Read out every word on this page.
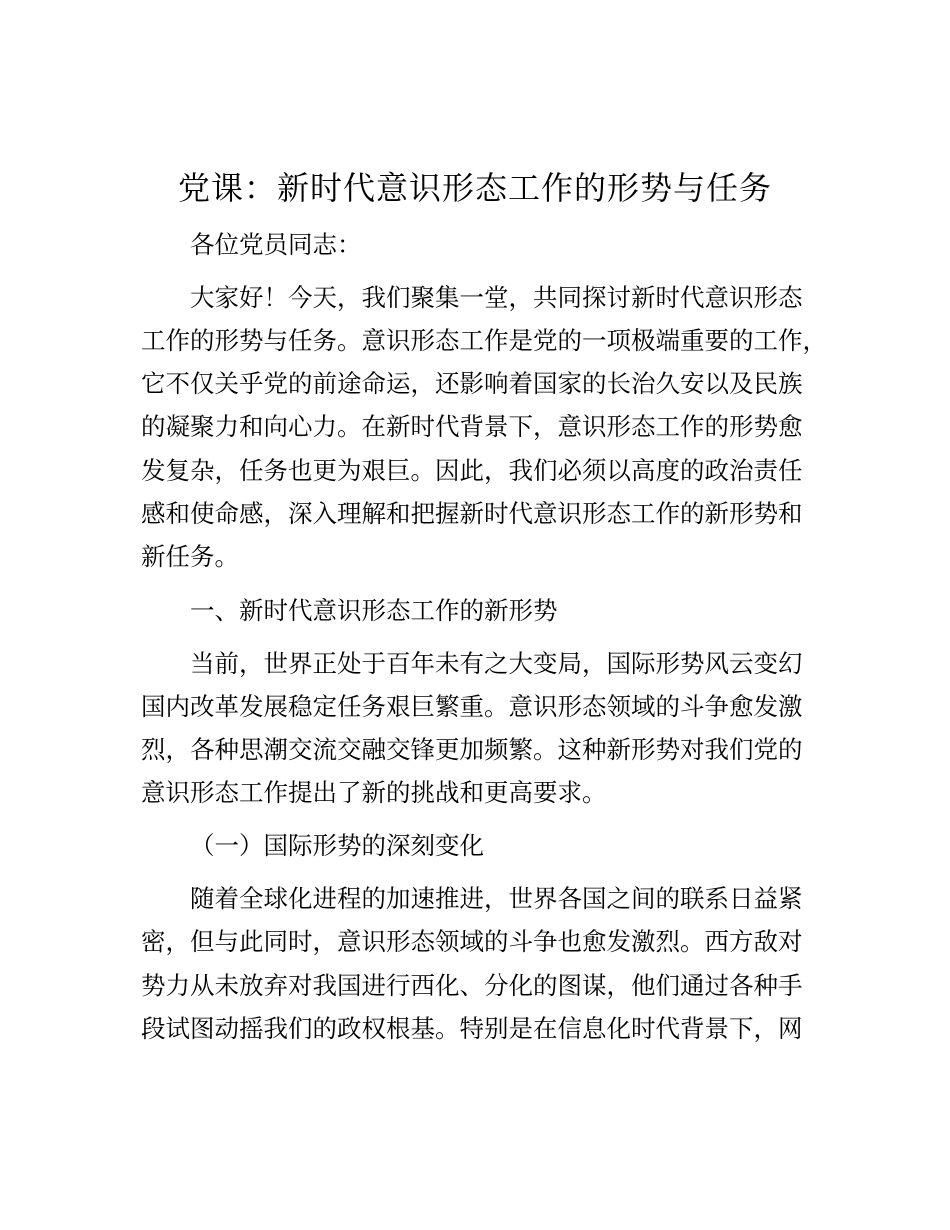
党课：新时代意识形态工作的形势与任务
各位党员同志：
大家好！今天，我们聚集一堂，共同探讨新时代意识形态
工作的形势与任务。意识形态工作是党的一项极端重要的工作，
它不仅关乎党的前途命运，还影响着国家的长治久安以及民族
的凝聚力和向心力。在新时代背景下，意识形态工作的形势愈
发复杂，任务也更为艰巨。因此，我们必须以高度的政治责任
感和使命感，深入理解和把握新时代意识形态工作的新形势和
新任务。
一、新时代意识形态工作的新形势
当前，世界正处于百年未有之大变局，国际形势风云变幻
国内改革发展稳定任务艰巨繁重。意识形态领域的斗争愈发激
烈，各种思潮交流交融交锋更加频繁。这种新形势对我们党的
意识形态工作提出了新的挑战和更高要求。
（一）国际形势的深刻变化
随着全球化进程的加速推进，世界各国之间的联系日益紧
密，但与此同时，意识形态领域的斗争也愈发激烈。西方敌对
势力从未放弃对我国进行西化、分化的图谋，他们通过各种手
段试图动摇我们的政权根基。特别是在信息化时代背景下，网
